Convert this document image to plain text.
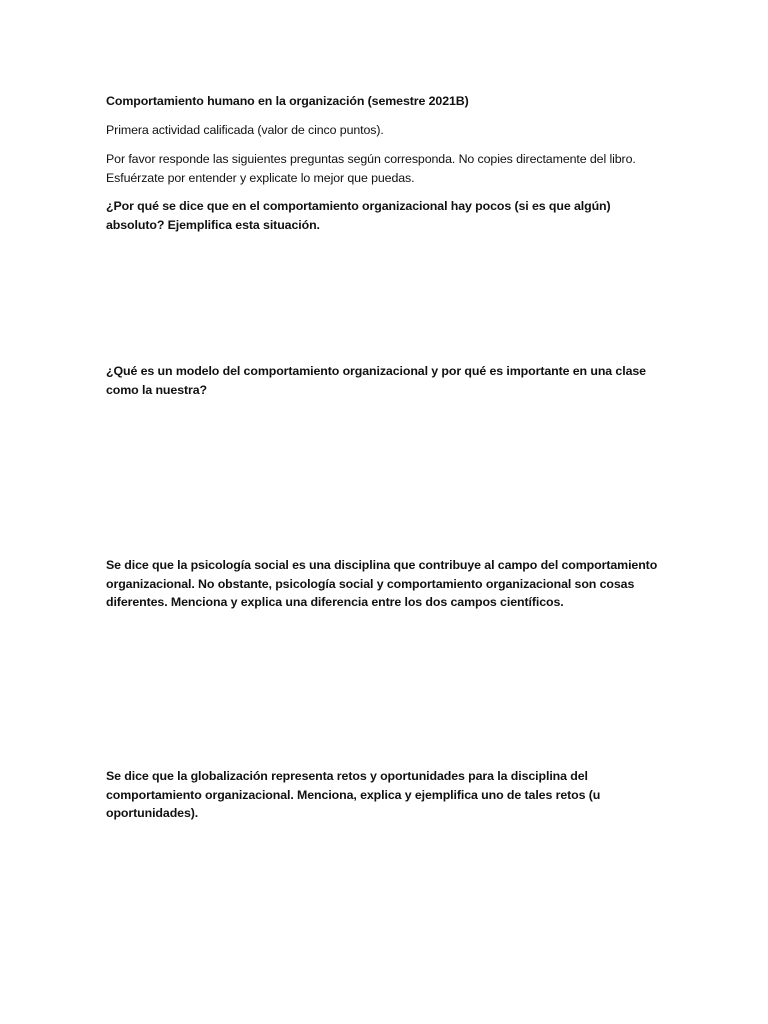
Comportamiento humano en la organización (semestre 2021B)
Primera actividad calificada (valor de cinco puntos).
Por favor responde las siguientes preguntas según corresponda. No copies directamente del libro. Esfuérzate por entender y explicate lo mejor que puedas.
¿Por qué se dice que en el comportamiento organizacional hay pocos (si es que algún) absoluto? Ejemplifica esta situación.
¿Qué es un modelo del comportamiento organizacional y por qué es importante en una clase como la nuestra?
Se dice que la psicología social es una disciplina que contribuye al campo del comportamiento organizacional. No obstante, psicología social y comportamiento organizacional son cosas diferentes. Menciona y explica una diferencia entre los dos campos científicos.
Se dice que la globalización representa retos y oportunidades para la disciplina del comportamiento organizacional. Menciona, explica y ejemplifica uno de tales retos (u oportunidades).
